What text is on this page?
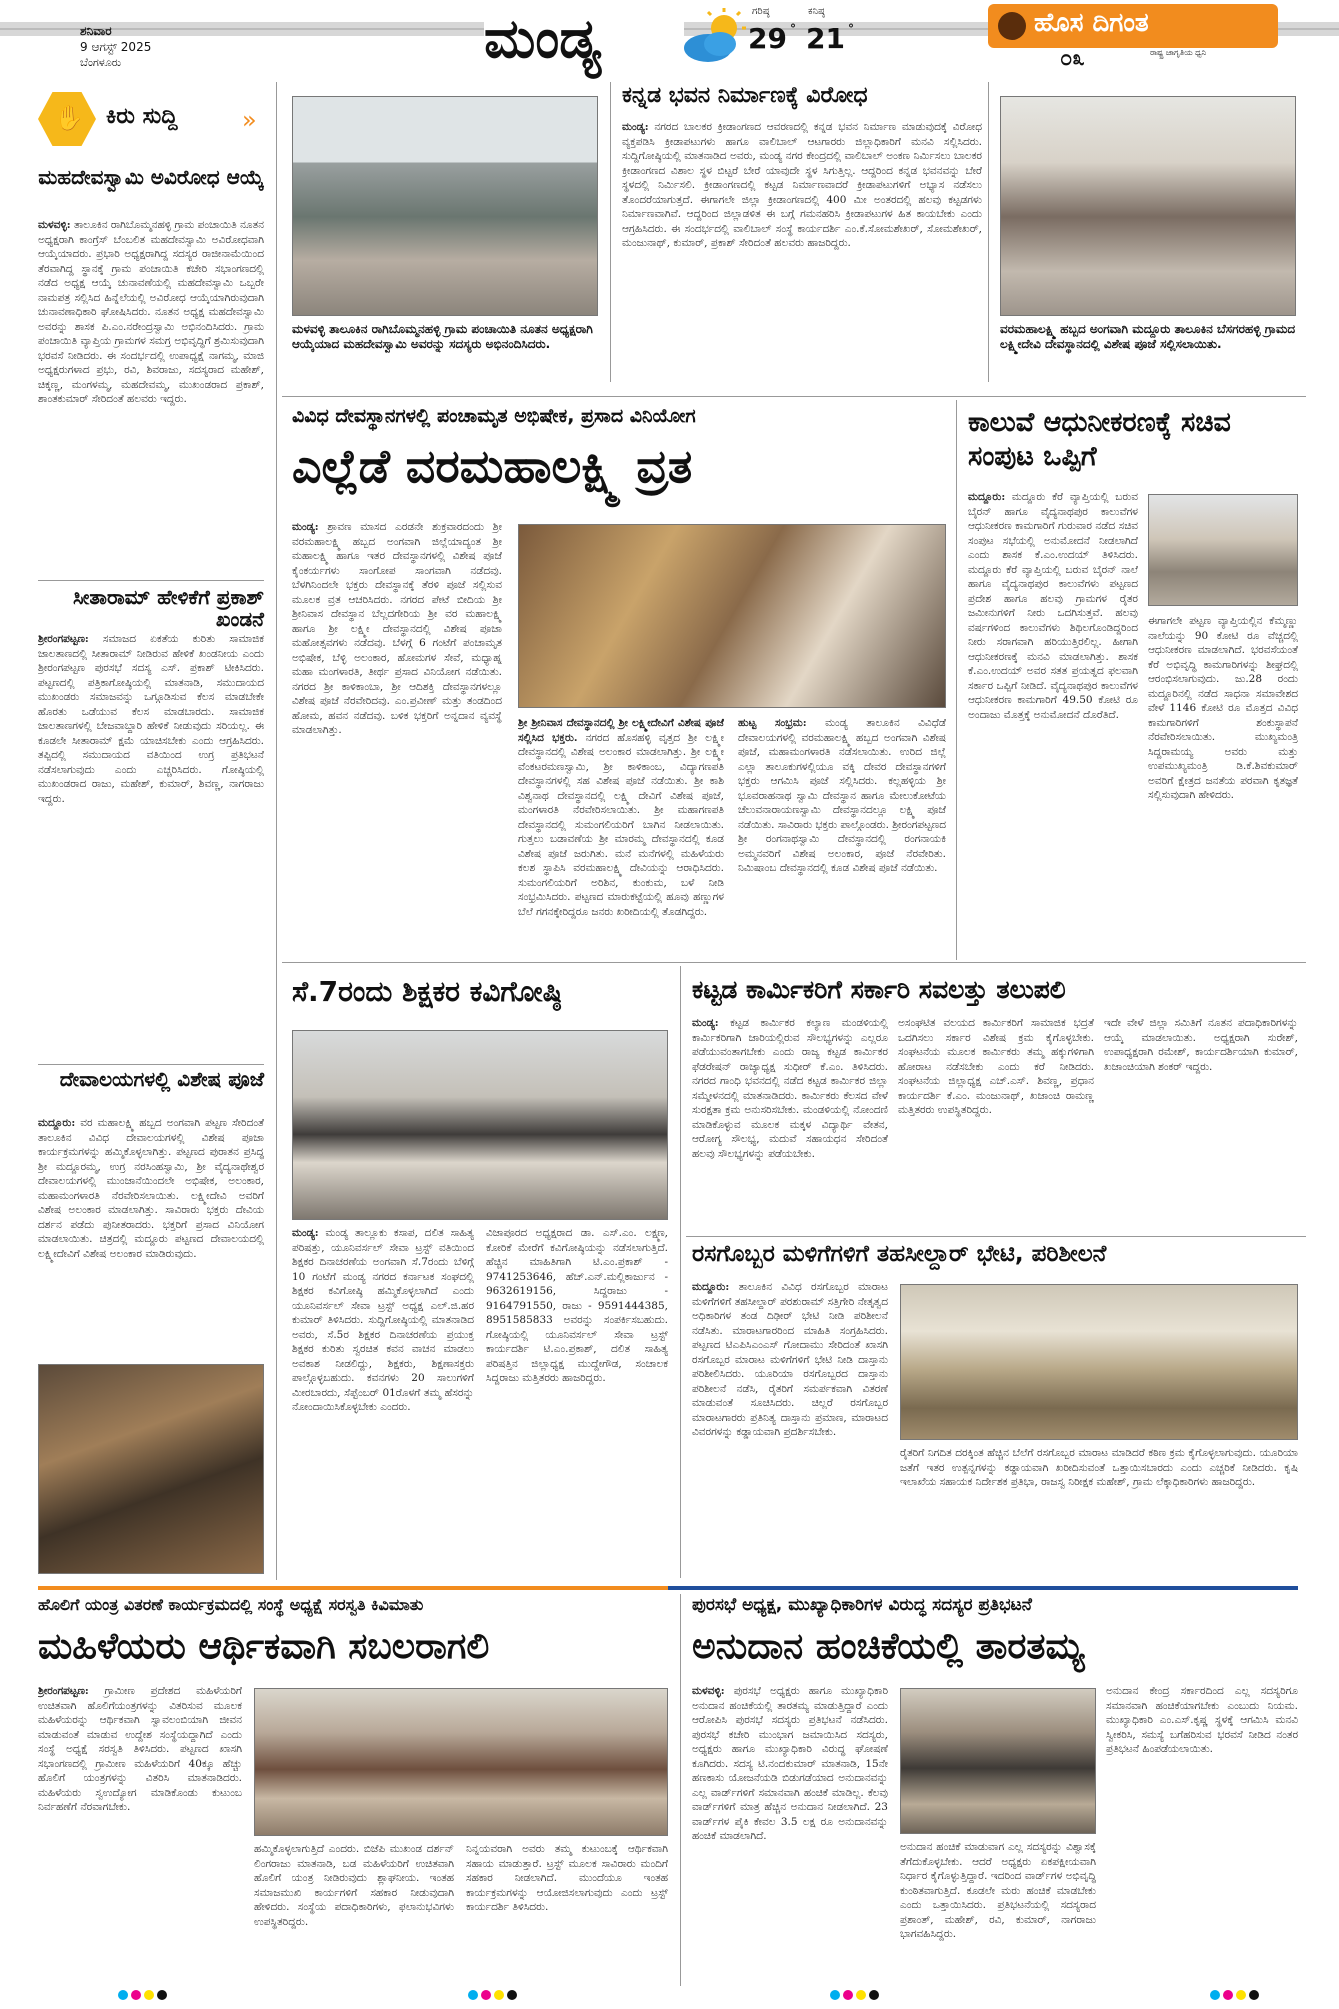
ಶನಿವಾರ
9 ಆಗಸ್ಟ್ 2025
ಬೆಂಗಳೂರು	ಮಂಡ್ಯ	ಗರಿಷ್ಠ
29 °
ಕನಿಷ್ಠ
21 °	ಹೊಸ ದಿಗಂತ
ರಾಷ್ಟ್ರ ಜಾಗೃತಿಯ ಧ್ವನಿ
೦೩
✋ ಕಿರು ಸುದ್ದಿ	»
ಮಹದೇವಸ್ವಾಮಿ ಅವಿರೋಧ ಆಯ್ಕೆ
ಮಳವಳ್ಳಿ: ತಾಲೂಕಿನ ರಾಗಿಬೊಮ್ಮನಹಳ್ಳಿ ಗ್ರಾಮ ಪಂಚಾಯಿತಿ ನೂತನ ಅಧ್ಯಕ್ಷರಾಗಿ ಕಾಂಗ್ರೆಸ್ ಬೆಂಬಲಿತ ಮಹದೇವಸ್ವಾಮಿ ಅವಿರೋಧವಾಗಿ ಆಯ್ಕೆಯಾದರು. ಪ್ರಭಾರಿ ಅಧ್ಯಕ್ಷರಾಗಿದ್ದ ಸದಸ್ಯರ ರಾಜೀನಾಮೆಯಿಂದ ತೆರವಾಗಿದ್ದ ಸ್ಥಾನಕ್ಕೆ ಗ್ರಾಮ ಪಂಚಾಯಿತಿ ಕಚೇರಿ ಸಭಾಂಗಣದಲ್ಲಿ ನಡೆದ ಅಧ್ಯಕ್ಷ ಆಯ್ಕೆ ಚುನಾವಣೆಯಲ್ಲಿ ಮಹದೇವಸ್ವಾಮಿ ಒಬ್ಬರೇ ನಾಮಪತ್ರ ಸಲ್ಲಿಸಿದ ಹಿನ್ನೆಲೆಯಲ್ಲಿ ಅವಿರೋಧ ಆಯ್ಕೆಯಾಗಿರುವುದಾಗಿ ಚುನಾವಣಾಧಿಕಾರಿ ಘೋಷಿಸಿದರು. ನೂತನ ಅಧ್ಯಕ್ಷ ಮಹದೇವಸ್ವಾಮಿ ಅವರನ್ನು ಶಾಸಕ ಪಿ.ಎಂ.ನರೇಂದ್ರಸ್ವಾಮಿ ಅಭಿನಂದಿಸಿದರು. ಗ್ರಾಮ ಪಂಚಾಯಿತಿ ವ್ಯಾಪ್ತಿಯ ಗ್ರಾಮಗಳ ಸಮಗ್ರ ಅಭಿವೃದ್ಧಿಗೆ ಶ್ರಮಿಸುವುದಾಗಿ ಭರವಸೆ ನೀಡಿದರು. ಈ ಸಂದರ್ಭದಲ್ಲಿ ಉಪಾಧ್ಯಕ್ಷೆ ನಾಗಮ್ಮ, ಮಾಜಿ ಅಧ್ಯಕ್ಷರುಗಳಾದ ಪ್ರಭು, ರವಿ, ಶಿವರಾಜು, ಸದಸ್ಯರಾದ ಮಹೇಶ್, ಚಿಕ್ಕಣ್ಣ, ಮಂಗಳಮ್ಮ, ಮಹದೇವಮ್ಮ, ಮುಖಂಡರಾದ ಪ್ರಕಾಶ್, ಶಾಂತಕುಮಾರ್ ಸೇರಿದಂತೆ ಹಲವರು ಇದ್ದರು.
ಸೀತಾರಾಮ್ ಹೇಳಿಕೆಗೆ ಪ್ರಕಾಶ್ ಖಂಡನೆ
ಶ್ರೀರಂಗಪಟ್ಟಣ: ಸಮಾಜದ ಏಕತೆಯ ಕುರಿತು ಸಾಮಾಜಿಕ ಜಾಲತಾಣದಲ್ಲಿ ಸೀತಾರಾಮ್ ನೀಡಿರುವ ಹೇಳಿಕೆ ಖಂಡನೀಯ ಎಂದು ಶ್ರೀರಂಗಪಟ್ಟಣ ಪುರಸಭೆ ಸದಸ್ಯ ಎಸ್. ಪ್ರಕಾಶ್ ಟೀಕಿಸಿದರು. ಪಟ್ಟಣದಲ್ಲಿ ಪತ್ರಿಕಾಗೋಷ್ಠಿಯಲ್ಲಿ ಮಾತನಾಡಿ, ಸಮುದಾಯದ ಮುಖಂಡರು ಸಮಾಜವನ್ನು ಒಗ್ಗೂಡಿಸುವ ಕೆಲಸ ಮಾಡಬೇಕೇ ಹೊರತು ಒಡೆಯುವ ಕೆಲಸ ಮಾಡಬಾರದು. ಸಾಮಾಜಿಕ ಜಾಲತಾಣಗಳಲ್ಲಿ ಬೇಜವಾಬ್ದಾರಿ ಹೇಳಿಕೆ ನೀಡುವುದು ಸರಿಯಲ್ಲ. ಈ ಕೂಡಲೇ ಸೀತಾರಾಮ್ ಕ್ಷಮೆ ಯಾಚಿಸಬೇಕು ಎಂದು ಆಗ್ರಹಿಸಿದರು. ತಪ್ಪಿದಲ್ಲಿ ಸಮುದಾಯದ ವತಿಯಿಂದ ಉಗ್ರ ಪ್ರತಿಭಟನೆ ನಡೆಸಲಾಗುವುದು ಎಂದು ಎಚ್ಚರಿಸಿದರು. ಗೋಷ್ಠಿಯಲ್ಲಿ ಮುಖಂಡರಾದ ರಾಜು, ಮಹೇಶ್, ಕುಮಾರ್, ಶಿವಣ್ಣ, ನಾಗರಾಜು ಇದ್ದರು.
ದೇವಾಲಯಗಳಲ್ಲಿ ವಿಶೇಷ ಪೂಜೆ
ಮದ್ದೂರು: ವರ ಮಹಾಲಕ್ಷ್ಮಿ ಹಬ್ಬದ ಅಂಗವಾಗಿ ಪಟ್ಟಣ ಸೇರಿದಂತೆ ತಾಲೂಕಿನ ವಿವಿಧ ದೇವಾಲಯಗಳಲ್ಲಿ ವಿಶೇಷ ಪೂಜಾ ಕಾರ್ಯಕ್ರಮಗಳನ್ನು ಹಮ್ಮಿಕೊಳ್ಳಲಾಗಿತ್ತು. ಪಟ್ಟಣದ ಪುರಾತನ ಪ್ರಸಿದ್ಧ ಶ್ರೀ ಮದ್ದೂರಮ್ಮ, ಉಗ್ರ ನರಸಿಂಹಸ್ವಾಮಿ, ಶ್ರೀ ವೈದ್ಯನಾಥೇಶ್ವರ ದೇವಾಲಯಗಳಲ್ಲಿ ಮುಂಜಾನೆಯಿಂದಲೇ ಅಭಿಷೇಕ, ಅಲಂಕಾರ, ಮಹಾಮಂಗಳಾರತಿ ನೆರವೇರಿಸಲಾಯಿತು. ಲಕ್ಷ್ಮೀದೇವಿ ಅವರಿಗೆ ವಿಶೇಷ ಅಲಂಕಾರ ಮಾಡಲಾಗಿತ್ತು. ಸಾವಿರಾರು ಭಕ್ತರು ದೇವಿಯ ದರ್ಶನ ಪಡೆದು ಪುನೀತರಾದರು. ಭಕ್ತರಿಗೆ ಪ್ರಸಾದ ವಿನಿಯೋಗ ಮಾಡಲಾಯಿತು. ಚಿತ್ರದಲ್ಲಿ ಮದ್ದೂರು ಪಟ್ಟಣದ ದೇವಾಲಯದಲ್ಲಿ ಲಕ್ಷ್ಮೀದೇವಿಗೆ ವಿಶೇಷ ಅಲಂಕಾರ ಮಾಡಿರುವುದು.
ಮಳವಳ್ಳಿ ತಾಲೂಕಿನ ರಾಗಿಬೊಮ್ಮನಹಳ್ಳಿ ಗ್ರಾಮ ಪಂಚಾಯಿತಿ ನೂತನ ಅಧ್ಯಕ್ಷರಾಗಿ ಆಯ್ಕೆಯಾದ ಮಹದೇವಸ್ವಾಮಿ ಅವರನ್ನು ಸದಸ್ಯರು ಅಭಿನಂದಿಸಿದರು.
ಕನ್ನಡ ಭವನ ನಿರ್ಮಾಣಕ್ಕೆ ವಿರೋಧ
ಮಂಡ್ಯ: ನಗರದ ಬಾಲಕರ ಕ್ರೀಡಾಂಗಣದ ಆವರಣದಲ್ಲಿ ಕನ್ನಡ ಭವನ ನಿರ್ಮಾಣ ಮಾಡುವುದಕ್ಕೆ ವಿರೋಧ ವ್ಯಕ್ತಪಡಿಸಿ ಕ್ರೀಡಾಪಟುಗಳು ಹಾಗೂ ವಾಲಿಬಾಲ್ ಆಟಗಾರರು ಜಿಲ್ಲಾಧಿಕಾರಿಗೆ ಮನವಿ ಸಲ್ಲಿಸಿದರು. ಸುದ್ದಿಗೋಷ್ಠಿಯಲ್ಲಿ ಮಾತನಾಡಿದ ಅವರು, ಮಂಡ್ಯ ನಗರ ಕೇಂದ್ರದಲ್ಲಿ ವಾಲಿಬಾಲ್ ಅಂಕಣ ನಿರ್ಮಿಸಲು ಬಾಲಕರ ಕ್ರೀಡಾಂಗಣದ ವಿಶಾಲ ಸ್ಥಳ ಬಿಟ್ಟರೆ ಬೇರೆ ಯಾವುದೇ ಸ್ಥಳ ಸಿಗುತ್ತಿಲ್ಲ. ಆದ್ದರಿಂದ ಕನ್ನಡ ಭವನವನ್ನು ಬೇರೆ ಸ್ಥಳದಲ್ಲಿ ನಿರ್ಮಿಸಲಿ. ಕ್ರೀಡಾಂಗಣದಲ್ಲಿ ಕಟ್ಟಡ ನಿರ್ಮಾಣವಾದರೆ ಕ್ರೀಡಾಪಟುಗಳಿಗೆ ಅಭ್ಯಾಸ ನಡೆಸಲು ತೊಂದರೆಯಾಗುತ್ತದೆ. ಈಗಾಗಲೇ ಜಿಲ್ಲಾ ಕ್ರೀಡಾಂಗಣದಲ್ಲಿ 400 ಮೀ ಅಂತರದಲ್ಲಿ ಹಲವು ಕಟ್ಟಡಗಳು ನಿರ್ಮಾಣವಾಗಿವೆ. ಆದ್ದರಿಂದ ಜಿಲ್ಲಾಡಳಿತ ಈ ಬಗ್ಗೆ ಗಮನಹರಿಸಿ ಕ್ರೀಡಾಪಟುಗಳ ಹಿತ ಕಾಯಬೇಕು ಎಂದು ಆಗ್ರಹಿಸಿದರು. ಈ ಸಂದರ್ಭದಲ್ಲಿ ವಾಲಿಬಾಲ್ ಸಂಸ್ಥೆ ಕಾರ್ಯದರ್ಶಿ ಎಂ.ಕೆ.ಸೋಮಶೇಖರ್, ಸೋಮಶೇಖರ್, ಮಂಜುನಾಥ್, ಕುಮಾರ್, ಪ್ರಕಾಶ್ ಸೇರಿದಂತೆ ಹಲವರು ಹಾಜರಿದ್ದರು.
ವರಮಹಾಲಕ್ಷ್ಮಿ ಹಬ್ಬದ ಅಂಗವಾಗಿ ಮದ್ದೂರು ತಾಲೂಕಿನ ಬೆಸಗರಹಳ್ಳಿ ಗ್ರಾಮದ ಲಕ್ಷ್ಮೀದೇವಿ ದೇವಸ್ಥಾನದಲ್ಲಿ ವಿಶೇಷ ಪೂಜೆ ಸಲ್ಲಿಸಲಾಯಿತು.
ವಿವಿಧ ದೇವಸ್ಥಾನಗಳಲ್ಲಿ ಪಂಚಾಮೃತ ಅಭಿಷೇಕ, ಪ್ರಸಾದ ವಿನಿಯೋಗ
ಎಲ್ಲೆಡೆ ವರಮಹಾಲಕ್ಷ್ಮಿ ವ್ರತ
ಮಂಡ್ಯ: ಶ್ರಾವಣ ಮಾಸದ ಎರಡನೇ ಶುಕ್ರವಾರದಂದು ಶ್ರೀ ವರಮಹಾಲಕ್ಷ್ಮಿ ಹಬ್ಬದ ಅಂಗವಾಗಿ ಜಿಲ್ಲೆಯಾದ್ಯಂತ ಶ್ರೀ ಮಹಾಲಕ್ಷ್ಮಿ ಹಾಗೂ ಇತರ ದೇವಸ್ಥಾನಗಳಲ್ಲಿ ವಿಶೇಷ ಪೂಜೆ ಕೈಂಕರ್ಯಗಳು ಸಾಂಗೋಪ ಸಾಂಗವಾಗಿ ನಡೆದವು. ಬೆಳಗಿನಿಂದಲೇ ಭಕ್ತರು ದೇವಸ್ಥಾನಕ್ಕೆ ತೆರಳಿ ಪೂಜೆ ಸಲ್ಲಿಸುವ ಮೂಲಕ ವ್ರತ ಆಚರಿಸಿದರು. ನಗರದ ಪೇಟೆ ಬೀದಿಯ ಶ್ರೀ ಶ್ರೀನಿವಾಸ ದೇವಸ್ಥಾನ ಬೆಲ್ಲದಗೇರಿಯ ಶ್ರೀ ವರ ಮಹಾಲಕ್ಷ್ಮಿ ಹಾಗೂ ಶ್ರೀ ಲಕ್ಷ್ಮೀ ದೇವಸ್ಥಾನದಲ್ಲಿ ವಿಶೇಷ ಪೂಜಾ ಮಹೋತ್ಸವಗಳು ನಡೆದವು. ಬೆಳಗ್ಗೆ 6 ಗಂಟೆಗೆ ಪಂಚಾಮೃತ ಅಭಿಷೇಕ, ಬೆಳ್ಳಿ ಅಲಂಕಾರ, ಹೋಮಗಳ ಸೇವೆ, ಮಧ್ಯಾಹ್ನ ಮಹಾ ಮಂಗಳಾರತಿ, ತೀರ್ಥ ಪ್ರಸಾದ ವಿನಿಯೋಗ ನಡೆಯಿತು. ನಗರದ ಶ್ರೀ ಕಾಳಿಕಾಂಬಾ, ಶ್ರೀ ಆದಿಶಕ್ತಿ ದೇವಸ್ಥಾನಗಳಲ್ಲೂ ವಿಶೇಷ ಪೂಜೆ ನೆರವೇರಿದವು. ಎಂ.ಪ್ರವೀಣ್ ಮತ್ತು ತಂಡದಿಂದ ಹೋಮ, ಹವನ ನಡೆದವು. ಬಳಿಕ ಭಕ್ತರಿಗೆ ಅನ್ನದಾನ ವ್ಯವಸ್ಥೆ ಮಾಡಲಾಗಿತ್ತು.
ಶ್ರೀ ಶ್ರೀನಿವಾಸ ದೇವಸ್ಥಾನದಲ್ಲಿ ಶ್ರೀ ಲಕ್ಷ್ಮೀದೇವಿಗೆ ವಿಶೇಷ ಪೂಜೆ ಸಲ್ಲಿಸಿದ ಭಕ್ತರು. ನಗರದ ಹೊಸಹಳ್ಳಿ ವೃತ್ತದ ಶ್ರೀ ಲಕ್ಷ್ಮೀ ದೇವಸ್ಥಾನದಲ್ಲಿ ವಿಶೇಷ ಅಲಂಕಾರ ಮಾಡಲಾಗಿತ್ತು. ಶ್ರೀ ಲಕ್ಷ್ಮೀ ವೆಂಕಟರಮಣಸ್ವಾಮಿ, ಶ್ರೀ ಕಾಳಿಕಾಂಬ, ವಿದ್ಯಾಗಣಪತಿ ದೇವಸ್ಥಾನಗಳಲ್ಲಿ ಸಹ ವಿಶೇಷ ಪೂಜೆ ನಡೆಯಿತು. ಶ್ರೀ ಕಾಶಿ ವಿಶ್ವನಾಥ ದೇವಸ್ಥಾನದಲ್ಲಿ ಲಕ್ಷ್ಮಿ ದೇವಿಗೆ ವಿಶೇಷ ಪೂಜೆ, ಮಂಗಳಾರತಿ ನೆರವೇರಿಸಲಾಯಿತು. ಶ್ರೀ ಮಹಾಗಣಪತಿ ದೇವಸ್ಥಾನದಲ್ಲಿ ಸುಮಂಗಲಿಯರಿಗೆ ಬಾಗಿನ ನೀಡಲಾಯಿತು. ಗುತ್ತಲು ಬಡಾವಣೆಯ ಶ್ರೀ ಮಾರಮ್ಮ ದೇವಸ್ಥಾನದಲ್ಲಿ ಕೂಡ ವಿಶೇಷ ಪೂಜೆ ಜರುಗಿತು. ಮನೆ ಮನೆಗಳಲ್ಲಿ ಮಹಿಳೆಯರು ಕಲಶ ಸ್ಥಾಪಿಸಿ ವರಮಹಾಲಕ್ಷ್ಮಿ ದೇವಿಯನ್ನು ಆರಾಧಿಸಿದರು. ಸುಮಂಗಲಿಯರಿಗೆ ಅರಿಶಿನ, ಕುಂಕುಮ, ಬಳೆ ನೀಡಿ ಸಂಭ್ರಮಿಸಿದರು. ಪಟ್ಟಣದ ಮಾರುಕಟ್ಟೆಯಲ್ಲಿ ಹೂವು ಹಣ್ಣುಗಳ ಬೆಲೆ ಗಗನಕ್ಕೇರಿದ್ದರೂ ಜನರು ಖರೀದಿಯಲ್ಲಿ ತೊಡಗಿದ್ದರು.
ಹುಟ್ಟ ಸಂಭ್ರಮ: ಮಂಡ್ಯ ತಾಲೂಕಿನ ವಿವಿಧೆಡೆ ದೇವಾಲಯಗಳಲ್ಲಿ ವರಮಹಾಲಕ್ಷ್ಮಿ ಹಬ್ಬದ ಅಂಗವಾಗಿ ವಿಶೇಷ ಪೂಜೆ, ಮಹಾಮಂಗಳಾರತಿ ನಡೆಸಲಾಯಿತು. ಉರಿದ ಜಿಲ್ಲೆ ಎಲ್ಲಾ ತಾಲೂಕುಗಳಲ್ಲಿಯೂ ವಕ್ಕಿ ದೇವರ ದೇವಸ್ಥಾನಗಳಿಗೆ ಭಕ್ತರು ಆಗಮಿಸಿ ಪೂಜೆ ಸಲ್ಲಿಸಿದರು. ಕಲ್ಲಹಳ್ಳಿಯ ಶ್ರೀ ಭೂವರಾಹನಾಥ ಸ್ವಾಮಿ ದೇವಸ್ಥಾನ ಹಾಗೂ ಮೇಲುಕೋಟೆಯ ಚೆಲುವನಾರಾಯಣಸ್ವಾಮಿ ದೇವಸ್ಥಾನದಲ್ಲೂ ಲಕ್ಷ್ಮಿ ಪೂಜೆ ನಡೆಯಿತು. ಸಾವಿರಾರು ಭಕ್ತರು ಪಾಲ್ಗೊಂಡರು. ಶ್ರೀರಂಗಪಟ್ಟಣದ ಶ್ರೀ ರಂಗನಾಥಸ್ವಾಮಿ ದೇವಸ್ಥಾನದಲ್ಲಿ ರಂಗನಾಯಕಿ ಅಮ್ಮನವರಿಗೆ ವಿಶೇಷ ಅಲಂಕಾರ, ಪೂಜೆ ನೆರವೇರಿತು. ನಿಮಿಷಾಂಬ ದೇವಸ್ಥಾನದಲ್ಲಿ ಕೂಡ ವಿಶೇಷ ಪೂಜೆ ನಡೆಯಿತು.
ಕಾಲುವೆ ಆಧುನೀಕರಣಕ್ಕೆ ಸಚಿವ ಸಂಪುಟ ಒಪ್ಪಿಗೆ
ಮದ್ದೂರು: ಮದ್ದೂರು ಕೆರೆ ವ್ಯಾಪ್ತಿಯಲ್ಲಿ ಬರುವ ಬೈರನ್ ಹಾಗೂ ವೈದ್ಯನಾಥಪುರ ಕಾಲುವೆಗಳ ಆಧುನೀಕರಣ ಕಾಮಗಾರಿಗೆ ಗುರುವಾರ ನಡೆದ ಸಚಿವ ಸಂಪುಟ ಸಭೆಯಲ್ಲಿ ಅನುಮೋದನೆ ನೀಡಲಾಗಿದೆ ಎಂದು ಶಾಸಕ ಕೆ.ಎಂ.ಉದಯ್ ತಿಳಿಸಿದರು. ಮದ್ದೂರು ಕೆರೆ ವ್ಯಾಪ್ತಿಯಲ್ಲಿ ಬರುವ ಬೈರನ್ ನಾಲೆ ಹಾಗೂ ವೈದ್ಯನಾಥಪುರ ಕಾಲುವೆಗಳು ಪಟ್ಟಣದ ಪ್ರದೇಶ ಹಾಗೂ ಹಲವು ಗ್ರಾಮಗಳ ರೈತರ ಜಮೀನುಗಳಿಗೆ ನೀರು ಒದಗಿಸುತ್ತವೆ. ಹಲವು ವರ್ಷಗಳಿಂದ ಕಾಲುವೆಗಳು ಶಿಥಿಲಗೊಂಡಿದ್ದರಿಂದ ನೀರು ಸರಾಗವಾಗಿ ಹರಿಯುತ್ತಿರಲಿಲ್ಲ. ಹೀಗಾಗಿ ಆಧುನೀಕರಣಕ್ಕೆ ಮನವಿ ಮಾಡಲಾಗಿತ್ತು. ಶಾಸಕ ಕೆ.ಎಂ.ಉದಯ್ ಅವರ ಸತತ ಪ್ರಯತ್ನದ ಫಲವಾಗಿ ಸರ್ಕಾರ ಒಪ್ಪಿಗೆ ನೀಡಿದೆ. ವೈದ್ಯನಾಥಪುರ ಕಾಲುವೆಗಳ ಆಧುನೀಕರಣ ಕಾಮಗಾರಿಗೆ 49.50 ಕೋಟಿ ರೂ ಅಂದಾಜು ಮೊತ್ತಕ್ಕೆ ಅನುಮೋದನೆ ದೊರೆತಿದೆ.
ಈಗಾಗಲೇ ಪಟ್ಟಣ ವ್ಯಾಪ್ತಿಯಲ್ಲಿನ ಕೆಮ್ಮಣ್ಣು ನಾಲೆಯನ್ನು 90 ಕೋಟಿ ರೂ ವೆಚ್ಚದಲ್ಲಿ ಆಧುನೀಕರಣ ಮಾಡಲಾಗಿದೆ. ಭರವಸೆಯಂತೆ ಕೆರೆ ಅಭಿವೃದ್ಧಿ ಕಾಮಗಾರಿಗಳನ್ನು ಶೀಘ್ರದಲ್ಲಿ ಆರಂಭಿಸಲಾಗುವುದು. ಜು.28 ರಂದು ಮದ್ದೂರಿನಲ್ಲಿ ನಡೆದ ಸಾಧನಾ ಸಮಾವೇಶದ ವೇಳೆ 1146 ಕೋಟಿ ರೂ ಮೊತ್ತದ ವಿವಿಧ ಕಾಮಗಾರಿಗಳಿಗೆ ಶಂಕುಸ್ಥಾಪನೆ ನೆರವೇರಿಸಲಾಯಿತು. ಮುಖ್ಯಮಂತ್ರಿ ಸಿದ್ದರಾಮಯ್ಯ ಅವರು ಮತ್ತು ಉಪಮುಖ್ಯಮಂತ್ರಿ ಡಿ.ಕೆ.ಶಿವಕುಮಾರ್ ಅವರಿಗೆ ಕ್ಷೇತ್ರದ ಜನತೆಯ ಪರವಾಗಿ ಕೃತಜ್ಞತೆ ಸಲ್ಲಿಸುವುದಾಗಿ ಹೇಳಿದರು.
ಸೆ.7ರಂದು ಶಿಕ್ಷಕರ ಕವಿಗೋಷ್ಠಿ
ಮಂಡ್ಯ: ಮಂಡ್ಯ ತಾಲ್ಲೂಕು ಕಸಾಪ, ದಲಿತ ಸಾಹಿತ್ಯ ಪರಿಷತ್ತು, ಯೂನಿವರ್ಸಲ್ ಸೇವಾ ಟ್ರಸ್ಟ್ ವತಿಯಿಂದ ಶಿಕ್ಷಕರ ದಿನಾಚರಣೆಯ ಅಂಗವಾಗಿ ಸೆ.7ರಂದು ಬೆಳಿಗ್ಗೆ 10 ಗಂಟೆಗೆ ಮಂಡ್ಯ ನಗರದ ಕರ್ನಾಟಕ ಸಂಘದಲ್ಲಿ ಶಿಕ್ಷಕರ ಕವಿಗೋಷ್ಠಿ ಹಮ್ಮಿಕೊಳ್ಳಲಾಗಿದೆ ಎಂದು ಯೂನಿವರ್ಸಲ್ ಸೇವಾ ಟ್ರಸ್ಟ್ ಅಧ್ಯಕ್ಷ ಎಲ್.ಜಿ.ಹರ ಕುಮಾರ್ ತಿಳಿಸಿದರು. ಸುದ್ದಿಗೋಷ್ಠಿಯಲ್ಲಿ ಮಾತನಾಡಿದ ಅವರು, ಸೆ.5ರ ಶಿಕ್ಷಕರ ದಿನಾಚರಣೆಯ ಪ್ರಯುಕ್ತ ಶಿಕ್ಷಕರ ಕುರಿತು ಸ್ವರಚಿತ ಕವನ ವಾಚನ ಮಾಡಲು ಅವಕಾಶ ನೀಡಲಿದ್ದು, ಶಿಕ್ಷಕರು, ಶಿಕ್ಷಣಾಸಕ್ತರು ಪಾಲ್ಗೊಳ್ಳಬಹುದು. ಕವನಗಳು 20 ಸಾಲುಗಳಿಗೆ ಮೀರಬಾರದು, ಸೆಪ್ಟೆಂಬರ್ 01ರೊಳಗೆ ತಮ್ಮ ಹೆಸರನ್ನು ನೋಂದಾಯಿಸಿಕೊಳ್ಳಬೇಕು ಎಂದರು.
ವಿಜಾಪೂರದ ಅಧ್ಯಕ್ಷರಾದ ಡಾ. ಎಸ್.ಎಂ. ಲಕ್ಷ್ಮಣ, ಕೋರಿಕೆ ಮೇರೆಗೆ ಕವಿಗೋಷ್ಠಿಯನ್ನು ನಡೆಸಲಾಗುತ್ತಿದೆ. ಹೆಚ್ಚಿನ ಮಾಹಿತಿಗಾಗಿ ಟಿ.ಎಂ.ಪ್ರಕಾಶ್ - 9741253646, ಹೆಚ್.ಎನ್.ಮಲ್ಲಿಕಾರ್ಜುನ - 9632619156, ಸಿದ್ದರಾಜು - 9164791550, ರಾಜು - 9591444385, 8951585833 ಅವರನ್ನು ಸಂಪರ್ಕಿಸಬಹುದು. ಗೋಷ್ಠಿಯಲ್ಲಿ ಯೂನಿವರ್ಸಲ್ ಸೇವಾ ಟ್ರಸ್ಟ್ ಕಾರ್ಯದರ್ಶಿ ಟಿ.ಎಂ.ಪ್ರಕಾಶ್, ದಲಿತ ಸಾಹಿತ್ಯ ಪರಿಷತ್ತಿನ ಜಿಲ್ಲಾಧ್ಯಕ್ಷ ಮುದ್ದೇಗೌಡ, ಸಂಚಾಲಕ ಸಿದ್ದರಾಜು ಮತ್ತಿತರರು ಹಾಜರಿದ್ದರು.
ಕಟ್ಟಡ ಕಾರ್ಮಿಕರಿಗೆ ಸರ್ಕಾರಿ ಸವಲತ್ತು ತಲುಪಲಿ
ಮಂಡ್ಯ: ಕಟ್ಟಡ ಕಾರ್ಮಿಕರ ಕಲ್ಯಾಣ ಮಂಡಳಿಯಲ್ಲಿ ಕಾರ್ಮಿಕರಿಗಾಗಿ ಜಾರಿಯಲ್ಲಿರುವ ಸೌಲಭ್ಯಗಳನ್ನು ಎಲ್ಲರೂ ಪಡೆಯುವಂತಾಗಬೇಕು ಎಂದು ರಾಜ್ಯ ಕಟ್ಟಡ ಕಾರ್ಮಿಕರ ಫೆಡರೇಷನ್ ರಾಜ್ಯಾಧ್ಯಕ್ಷ ಸುಧೀರ್ ಕೆ.ಎಂ. ತಿಳಿಸಿದರು. ನಗರದ ಗಾಂಧಿ ಭವನದಲ್ಲಿ ನಡೆದ ಕಟ್ಟಡ ಕಾರ್ಮಿಕರ ಜಿಲ್ಲಾ ಸಮ್ಮೇಳನದಲ್ಲಿ ಮಾತನಾಡಿದರು. ಕಾರ್ಮಿಕರು ಕೆಲಸದ ವೇಳೆ ಸುರಕ್ಷತಾ ಕ್ರಮ ಅನುಸರಿಸಬೇಕು. ಮಂಡಳಿಯಲ್ಲಿ ನೋಂದಣಿ ಮಾಡಿಕೊಳ್ಳುವ ಮೂಲಕ ಮಕ್ಕಳ ವಿದ್ಯಾರ್ಥಿ ವೇತನ, ಆರೋಗ್ಯ ಸೌಲಭ್ಯ, ಮದುವೆ ಸಹಾಯಧನ ಸೇರಿದಂತೆ ಹಲವು ಸೌಲಭ್ಯಗಳನ್ನು ಪಡೆಯಬೇಕು.
ಅಸಂಘಟಿತ ವಲಯದ ಕಾರ್ಮಿಕರಿಗೆ ಸಾಮಾಜಿಕ ಭದ್ರತೆ ಒದಗಿಸಲು ಸರ್ಕಾರ ವಿಶೇಷ ಕ್ರಮ ಕೈಗೊಳ್ಳಬೇಕು. ಸಂಘಟನೆಯ ಮೂಲಕ ಕಾರ್ಮಿಕರು ತಮ್ಮ ಹಕ್ಕುಗಳಿಗಾಗಿ ಹೋರಾಟ ನಡೆಸಬೇಕು ಎಂದು ಕರೆ ನೀಡಿದರು. ಸಂಘಟನೆಯ ಜಿಲ್ಲಾಧ್ಯಕ್ಷ ಎಚ್.ಎಸ್. ಶಿವಣ್ಣ, ಪ್ರಧಾನ ಕಾರ್ಯದರ್ಶಿ ಕೆ.ಎಂ. ಮಂಜುನಾಥ್, ಖಜಾಂಚಿ ರಾಮಣ್ಣ ಮತ್ತಿತರರು ಉಪಸ್ಥಿತರಿದ್ದರು.
ಇದೇ ವೇಳೆ ಜಿಲ್ಲಾ ಸಮಿತಿಗೆ ನೂತನ ಪದಾಧಿಕಾರಿಗಳನ್ನು ಆಯ್ಕೆ ಮಾಡಲಾಯಿತು. ಅಧ್ಯಕ್ಷರಾಗಿ ಸುರೇಶ್, ಉಪಾಧ್ಯಕ್ಷರಾಗಿ ರಮೇಶ್, ಕಾರ್ಯದರ್ಶಿಯಾಗಿ ಕುಮಾರ್, ಖಜಾಂಚಿಯಾಗಿ ಶಂಕರ್ ಇದ್ದರು.
ರಸಗೊಬ್ಬರ ಮಳಿಗೆಗಳಿಗೆ ತಹಸೀಲ್ದಾರ್ ಭೇಟಿ, ಪರಿಶೀಲನೆ
ಮದ್ದೂರು: ತಾಲೂಕಿನ ವಿವಿಧ ರಸಗೊಬ್ಬರ ಮಾರಾಟ ಮಳಿಗೆಗಳಿಗೆ ತಹಸೀಲ್ದಾರ್ ಪರಶುರಾಮ್ ಸತ್ತಿಗೇರಿ ನೇತೃತ್ವದ ಅಧಿಕಾರಿಗಳ ತಂಡ ದಿಢೀರ್ ಭೇಟಿ ನೀಡಿ ಪರಿಶೀಲನೆ ನಡೆಸಿತು. ಮಾರಾಟಗಾರರಿಂದ ಮಾಹಿತಿ ಸಂಗ್ರಹಿಸಿದರು. ಪಟ್ಟಣದ ಟಿಎಪಿಸಿಎಂಎಸ್ ಗೋದಾಮು ಸೇರಿದಂತೆ ಖಾಸಗಿ ರಸಗೊಬ್ಬರ ಮಾರಾಟ ಮಳಿಗೆಗಳಿಗೆ ಭೇಟಿ ನೀಡಿ ದಾಸ್ತಾನು ಪರಿಶೀಲಿಸಿದರು. ಯೂರಿಯಾ ರಸಗೊಬ್ಬರದ ದಾಸ್ತಾನು ಪರಿಶೀಲನೆ ನಡೆಸಿ, ರೈತರಿಗೆ ಸಮರ್ಪಕವಾಗಿ ವಿತರಣೆ ಮಾಡುವಂತೆ ಸೂಚಿಸಿದರು. ಚಿಲ್ಲರೆ ರಸಗೊಬ್ಬರ ಮಾರಾಟಗಾರರು ಪ್ರತಿನಿತ್ಯ ದಾಸ್ತಾನು ಪ್ರಮಾಣ, ಮಾರಾಟದ ವಿವರಗಳನ್ನು ಕಡ್ಡಾಯವಾಗಿ ಪ್ರದರ್ಶಿಸಬೇಕು.
ರೈತರಿಗೆ ನಿಗದಿತ ದರಕ್ಕಿಂತ ಹೆಚ್ಚಿನ ಬೆಲೆಗೆ ರಸಗೊಬ್ಬರ ಮಾರಾಟ ಮಾಡಿದರೆ ಕಠಿಣ ಕ್ರಮ ಕೈಗೊಳ್ಳಲಾಗುವುದು. ಯೂರಿಯಾ ಜತೆಗೆ ಇತರ ಉತ್ಪನ್ನಗಳನ್ನು ಕಡ್ಡಾಯವಾಗಿ ಖರೀದಿಸುವಂತೆ ಒತ್ತಾಯಿಸಬಾರದು ಎಂದು ಎಚ್ಚರಿಕೆ ನೀಡಿದರು. ಕೃಷಿ ಇಲಾಖೆಯ ಸಹಾಯಕ ನಿರ್ದೇಶಕ ಪ್ರತಿಭಾ, ರಾಜಸ್ವ ನಿರೀಕ್ಷಕ ಮಹೇಶ್, ಗ್ರಾಮ ಲೆಕ್ಕಾಧಿಕಾರಿಗಳು ಹಾಜರಿದ್ದರು.
ಹೊಲಿಗೆ ಯಂತ್ರ ವಿತರಣೆ ಕಾರ್ಯಕ್ರಮದಲ್ಲಿ ಸಂಸ್ಥೆ ಅಧ್ಯಕ್ಷೆ ಸರಸ್ವತಿ ಕಿವಿಮಾತು
ಮಹಿಳೆಯರು ಆರ್ಥಿಕವಾಗಿ ಸಬಲರಾಗಲಿ
ಶ್ರೀರಂಗಪಟ್ಟಣ: ಗ್ರಾಮೀಣ ಪ್ರದೇಶದ ಮಹಿಳೆಯರಿಗೆ ಉಚಿತವಾಗಿ ಹೊಲಿಗೆಯಂತ್ರಗಳನ್ನು ವಿತರಿಸುವ ಮೂಲಕ ಮಹಿಳೆಯರನ್ನು ಆರ್ಥಿಕವಾಗಿ ಸ್ವಾವಲಂಬಿಯಾಗಿ ಜೀವನ ಮಾಡುವಂತೆ ಮಾಡುವ ಉದ್ದೇಶ ಸಂಸ್ಥೆಯದ್ದಾಗಿದೆ ಎಂದು ಸಂಸ್ಥೆ ಅಧ್ಯಕ್ಷೆ ಸರಸ್ವತಿ ತಿಳಿಸಿದರು. ಪಟ್ಟಣದ ಖಾಸಗಿ ಸಭಾಂಗಣದಲ್ಲಿ ಗ್ರಾಮೀಣ ಮಹಿಳೆಯರಿಗೆ 40ಕ್ಕೂ ಹೆಚ್ಚು ಹೊಲಿಗೆ ಯಂತ್ರಗಳನ್ನು ವಿತರಿಸಿ ಮಾತನಾಡಿದರು. ಮಹಿಳೆಯರು ಸ್ವಉದ್ಯೋಗ ಮಾಡಿಕೊಂಡು ಕುಟುಂಬ ನಿರ್ವಹಣೆಗೆ ನೆರವಾಗಬೇಕು.
ಹಮ್ಮಿಕೊಳ್ಳಲಾಗುತ್ತಿದೆ ಎಂದರು. ಬಿಜೆಪಿ ಮುಖಂಡ ದರ್ಶನ್ ಲಿಂಗರಾಜು ಮಾತನಾಡಿ, ಬಡ ಮಹಿಳೆಯರಿಗೆ ಉಚಿತವಾಗಿ ಹೊಲಿಗೆ ಯಂತ್ರ ನೀಡಿರುವುದು ಶ್ಲಾಘನೀಯ. ಇಂತಹ ಸಮಾಜಮುಖಿ ಕಾರ್ಯಗಳಿಗೆ ಸಹಕಾರ ನೀಡುವುದಾಗಿ ಹೇಳಿದರು. ಸಂಸ್ಥೆಯ ಪದಾಧಿಕಾರಿಗಳು, ಫಲಾನುಭವಿಗಳು ಉಪಸ್ಥಿತರಿದ್ದರು.
ನಿನ್ನಯವರಾಗಿ ಅವರು ತಮ್ಮ ಕುಟುಂಬಕ್ಕೆ ಆರ್ಥಿಕವಾಗಿ ಸಹಾಯ ಮಾಡುತ್ತಾರೆ. ಟ್ರಸ್ಟ್ ಮೂಲಕ ಸಾವಿರಾರು ಮಂದಿಗೆ ಸಹಕಾರ ನೀಡಲಾಗಿದೆ. ಮುಂದೆಯೂ ಇಂತಹ ಕಾರ್ಯಕ್ರಮಗಳನ್ನು ಆಯೋಜಿಸಲಾಗುವುದು ಎಂದು ಟ್ರಸ್ಟ್ ಕಾರ್ಯದರ್ಶಿ ತಿಳಿಸಿದರು.
ಪುರಸಭೆ ಅಧ್ಯಕ್ಷ, ಮುಖ್ಯಾಧಿಕಾರಿಗಳ ವಿರುದ್ಧ ಸದಸ್ಯರ ಪ್ರತಿಭಟನೆ
ಅನುದಾನ ಹಂಚಿಕೆಯಲ್ಲಿ ತಾರತಮ್ಯ
ಮಳವಳ್ಳಿ: ಪುರಸಭೆ ಅಧ್ಯಕ್ಷರು ಹಾಗೂ ಮುಖ್ಯಾಧಿಕಾರಿ ಅನುದಾನ ಹಂಚಿಕೆಯಲ್ಲಿ ತಾರತಮ್ಯ ಮಾಡುತ್ತಿದ್ದಾರೆ ಎಂದು ಆರೋಪಿಸಿ ಪುರಸಭೆ ಸದಸ್ಯರು ಪ್ರತಿಭಟನೆ ನಡೆಸಿದರು. ಪುರಸಭೆ ಕಚೇರಿ ಮುಂಭಾಗ ಜಮಾಯಿಸಿದ ಸದಸ್ಯರು, ಅಧ್ಯಕ್ಷರು ಹಾಗೂ ಮುಖ್ಯಾಧಿಕಾರಿ ವಿರುದ್ಧ ಘೋಷಣೆ ಕೂಗಿದರು. ಸದಸ್ಯ ಟಿ.ನಂದಕುಮಾರ್ ಮಾತನಾಡಿ, 15ನೇ ಹಣಕಾಸು ಯೋಜನೆಯಡಿ ಬಿಡುಗಡೆಯಾದ ಅನುದಾನವನ್ನು ಎಲ್ಲ ವಾರ್ಡ್‌ಗಳಿಗೆ ಸಮಾನವಾಗಿ ಹಂಚಿಕೆ ಮಾಡಿಲ್ಲ. ಕೆಲವು ವಾರ್ಡ್‌ಗಳಿಗೆ ಮಾತ್ರ ಹೆಚ್ಚಿನ ಅನುದಾನ ನೀಡಲಾಗಿದೆ. 23 ವಾರ್ಡ್‌ಗಳ ಪೈಕಿ ಕೇವಲ 3.5 ಲಕ್ಷ ರೂ ಅನುದಾನವನ್ನು ಹಂಚಿಕೆ ಮಾಡಲಾಗಿದೆ.
ಅನುದಾನ ಹಂಚಿಕೆ ಮಾಡುವಾಗ ಎಲ್ಲ ಸದಸ್ಯರನ್ನು ವಿಶ್ವಾಸಕ್ಕೆ ತೆಗೆದುಕೊಳ್ಳಬೇಕು. ಆದರೆ ಅಧ್ಯಕ್ಷರು ಏಕಪಕ್ಷೀಯವಾಗಿ ನಿರ್ಧಾರ ಕೈಗೊಳ್ಳುತ್ತಿದ್ದಾರೆ. ಇದರಿಂದ ವಾರ್ಡ್‌ಗಳ ಅಭಿವೃದ್ಧಿ ಕುಂಠಿತವಾಗುತ್ತಿದೆ. ಕೂಡಲೇ ಮರು ಹಂಚಿಕೆ ಮಾಡಬೇಕು ಎಂದು ಒತ್ತಾಯಿಸಿದರು. ಪ್ರತಿಭಟನೆಯಲ್ಲಿ ಸದಸ್ಯರಾದ ಪ್ರಶಾಂತ್, ಮಹೇಶ್, ರವಿ, ಕುಮಾರ್, ನಾಗರಾಜು ಭಾಗವಹಿಸಿದ್ದರು.
ಅನುದಾನ ಕೇಂದ್ರ ಸರ್ಕಾರದಿಂದ ಎಲ್ಲ ಸದಸ್ಯರಿಗೂ ಸಮಾನವಾಗಿ ಹಂಚಿಕೆಯಾಗಬೇಕು ಎಂಬುದು ನಿಯಮ. ಮುಖ್ಯಾಧಿಕಾರಿ ಎಂ.ಎಸ್.ಕೃಷ್ಣ ಸ್ಥಳಕ್ಕೆ ಆಗಮಿಸಿ ಮನವಿ ಸ್ವೀಕರಿಸಿ, ಸಮಸ್ಯೆ ಬಗೆಹರಿಸುವ ಭರವಸೆ ನೀಡಿದ ನಂತರ ಪ್ರತಿಭಟನೆ ಹಿಂಪಡೆಯಲಾಯಿತು.
